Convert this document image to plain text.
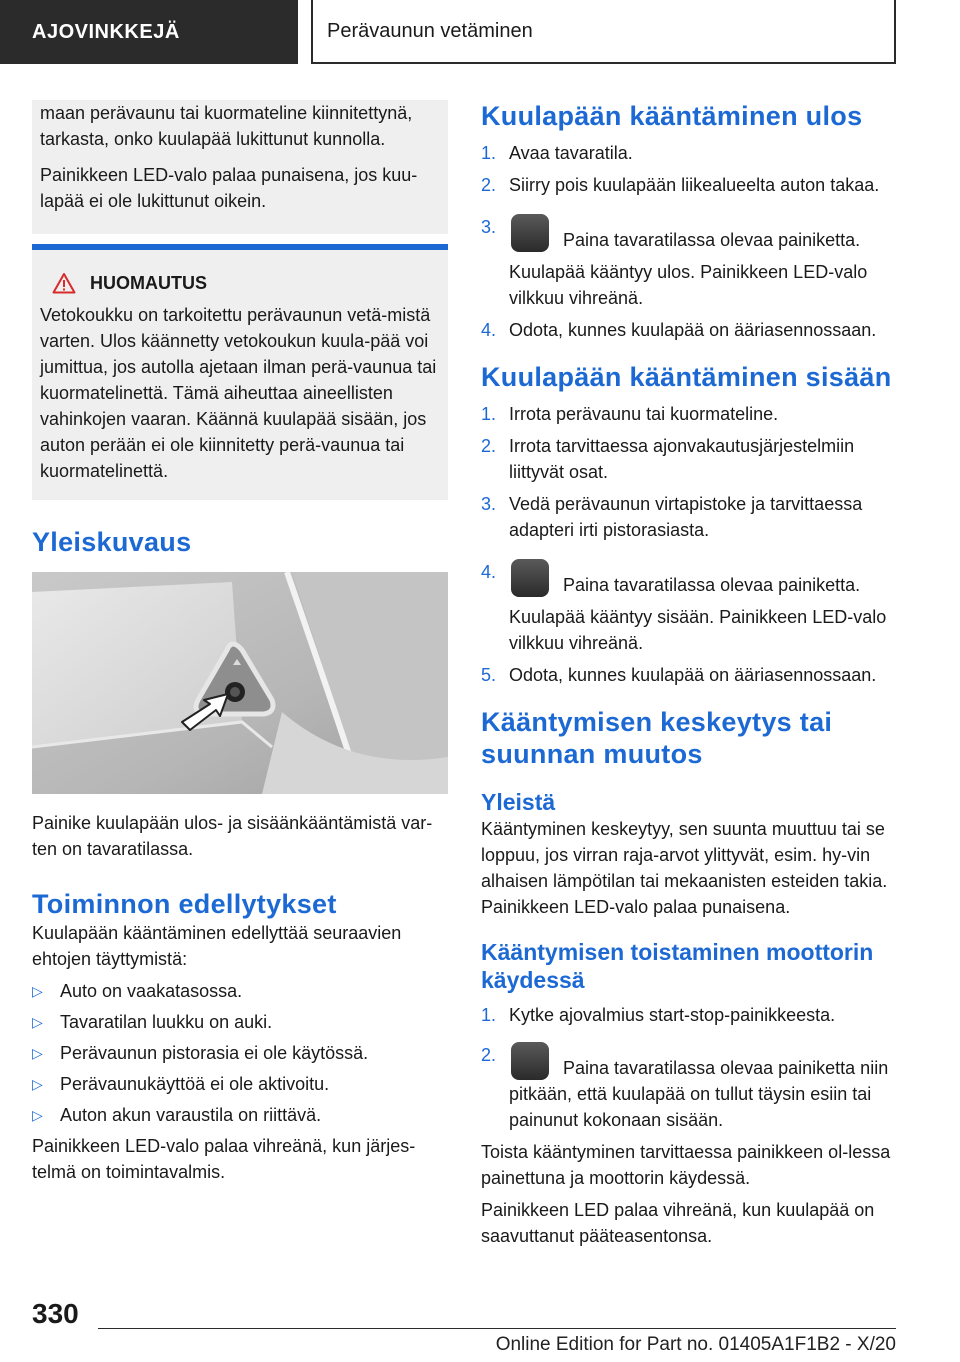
AJOVINKKEJÄ	Perävaunun vetäminen

maan perävaunu tai kuormateline kiinnitettynä, tarkasta, onko kuulapää lukittunut kunnolla.

Painikkeen LED-valo palaa punaisena, jos kuu-lapää ei ole lukittunut oikein.

HUOMAUTUS

Vetokoukku on tarkoitettu perävaunun vetä-mistä varten. Ulos käännetty vetokoukun kuula-pää voi jumittua, jos autolla ajetaan ilman perä-vaunua tai kuormatelinettä. Tämä aiheuttaa aineellisten vahinkojen vaaran. Käännä kuulapää sisään, jos auton perään ei ole kiinnitetty perä-vaunua tai kuormatelinettä.

Yleiskuvaus

Painike kuulapään ulos- ja sisäänkääntämistä var-ten on tavaratilassa.

Toiminnon edellytykset

Kuulapään kääntäminen edellyttää seuraavien ehtojen täyttymistä:

▷ Auto on vaakatasossa.
▷ Tavaratilan luukku on auki.
▷ Perävaunun pistorasia ei ole käytössä.
▷ Perävaunukäyttöä ei ole aktivoitu.
▷ Auton akun varaustila on riittävä.

Painikkeen LED-valo palaa vihreänä, kun järjes-telmä on toimintavalmis.

Kuulapään kääntäminen ulos
1. Avaa tavaratila.
2. Siirry pois kuulapään liikealueelta auton takaa.
3.
Paina tavaratilassa olevaa painiketta.
Kuulapää kääntyy ulos. Painikkeen LED-valo vilkkuu vihreänä.
4. Odota, kunnes kuulapää on ääriasennossaan.
Kuulapään kääntäminen sisään
1. Irrota perävaunu tai kuormateline.
2. Irrota tarvittaessa ajonvakautusjärjestelmiin liittyvät osat.
3. Vedä perävaunun virtapistoke ja tarvittaessa adapteri irti pistorasiasta.
4.
Paina tavaratilassa olevaa painiketta.
Kuulapää kääntyy sisään. Painikkeen LED-valo vilkkuu vihreänä.
5. Odota, kunnes kuulapää on ääriasennossaan.
Kääntymisen keskeytys tai suunnan muutos
Yleistä

Kääntyminen keskeytyy, sen suunta muuttuu tai se loppuu, jos virran raja-arvot ylittyvät, esim. hy-vin alhaisen lämpötilan tai mekaanisten esteiden takia. Painikkeen LED-valo palaa punaisena.

Kääntymisen toistaminen moottorin käydessä
1. Kytke ajovalmius start-stop-painikkeesta.
2.
Paina tavaratilassa olevaa painiketta niin pitkään, että kuulapää on tullut täysin esiin tai painunut kokonaan sisään.

Toista kääntyminen tarvittaessa painikkeen ol-lessa painettuna ja moottorin käydessä.

Painikkeen LED palaa vihreänä, kun kuulapää on saavuttanut pääteasentonsa.

330
Online Edition for Part no. 01405A1F1B2 - X/20
